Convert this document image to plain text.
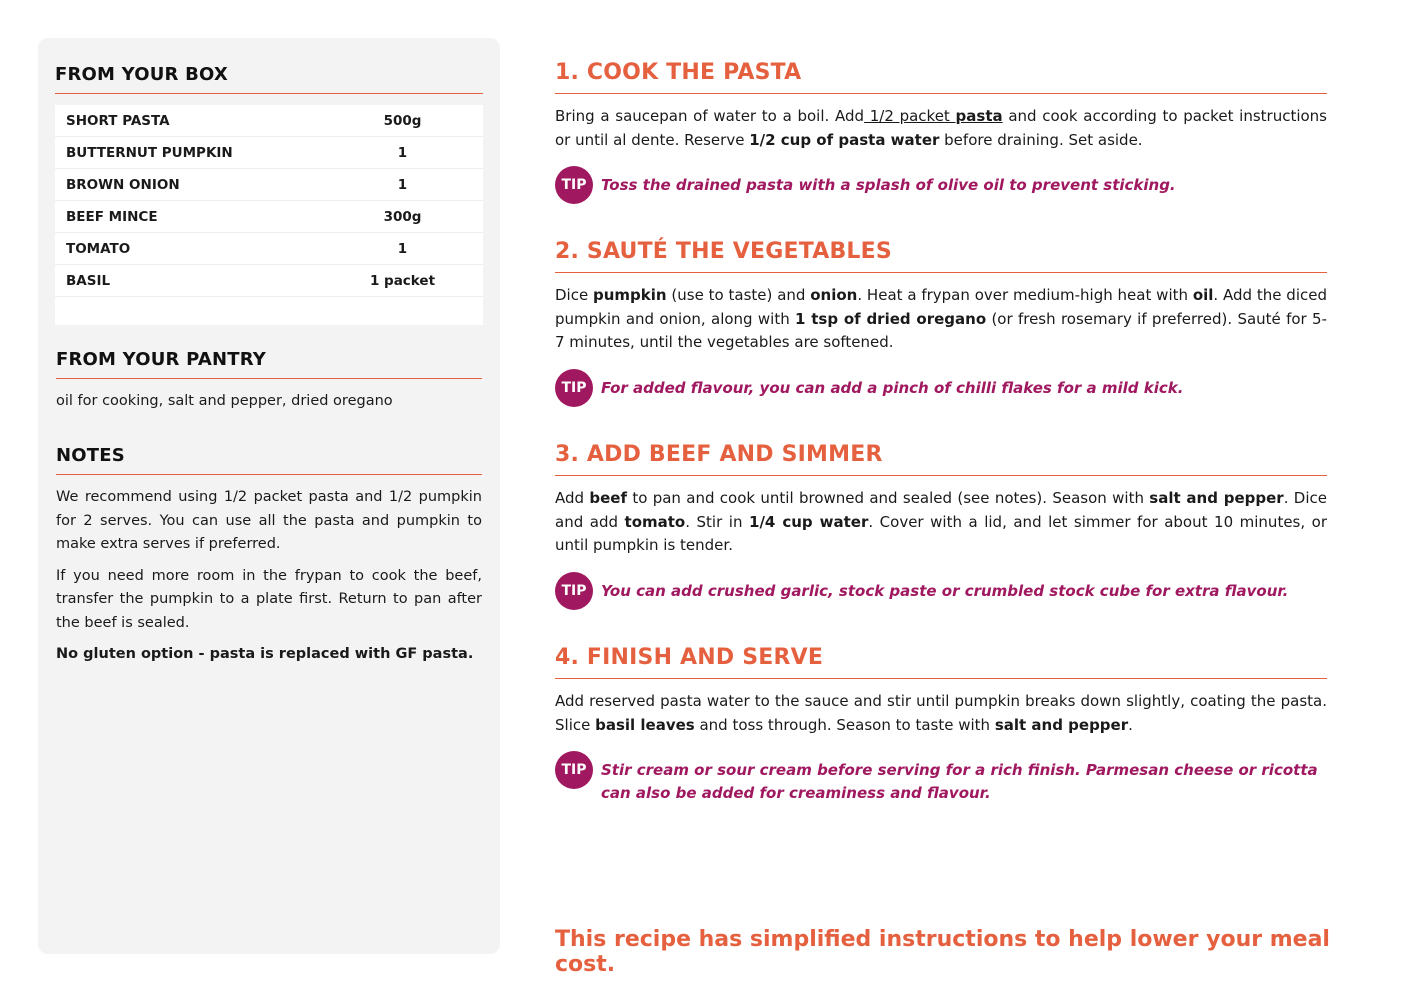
FROM YOUR BOX
SHORT PASTA	500g
BUTTERNUT PUMPKIN	1
BROWN ONION	1
BEEF MINCE	300g
TOMATO	1
BASIL	1 packet
FROM YOUR PANTRY
oil for cooking, salt and pepper, dried oregano
NOTES

We recommend using 1/2 packet pasta and 1/2 pumpkin for 2 serves. You can use all the pasta and pumpkin to make extra serves if preferred.

If you need more room in the frypan to cook the beef, transfer the pumpkin to a plate first. Return to pan after the beef is sealed.

No gluten option - pasta is replaced with GF pasta.

1. COOK THE PASTA
Bring a saucepan of water to a boil. Add 1/2 packet pasta and cook according to packet instructions or until al dente. Reserve 1/2 cup of pasta water before draining. Set aside.
TIP Toss the drained pasta with a splash of olive oil to prevent sticking.
2. SAUTÉ THE VEGETABLES
Dice pumpkin (use to taste) and onion. Heat a frypan over medium-high heat with oil. Add the diced pumpkin and onion, along with 1 tsp of dried oregano (or fresh rosemary if preferred). Sauté for 5-7 minutes, until the vegetables are softened.
TIP For added flavour, you can add a pinch of chilli flakes for a mild kick.
3. ADD BEEF AND SIMMER
Add beef to pan and cook until browned and sealed (see notes). Season with salt and pepper. Dice and add tomato. Stir in 1/4 cup water. Cover with a lid, and let simmer for about 10 minutes, or until pumpkin is tender.
TIP You can add crushed garlic, stock paste or crumbled stock cube for extra flavour.
4. FINISH AND SERVE
Add reserved pasta water to the sauce and stir until pumpkin breaks down slightly, coating the pasta. Slice basil leaves and toss through. Season to taste with salt and pepper.
TIP Stir cream or sour cream before serving for a rich finish. Parmesan cheese or ricotta can also be added for creaminess and flavour.
This recipe has simplified instructions to help lower your meal cost.
